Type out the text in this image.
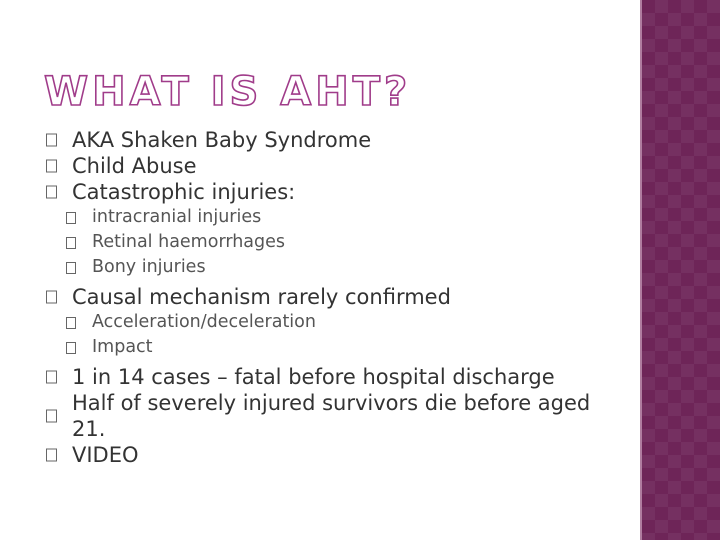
WHAT IS AHT?
AKA Shaken Baby Syndrome
Child Abuse
Catastrophic injuries:
intracranial injuries
Retinal haemorrhages
Bony injuries
Causal mechanism rarely confirmed
Acceleration/deceleration
Impact
1 in 14 cases – fatal before hospital discharge
Half of severely injured survivors die before aged 21.
VIDEO
